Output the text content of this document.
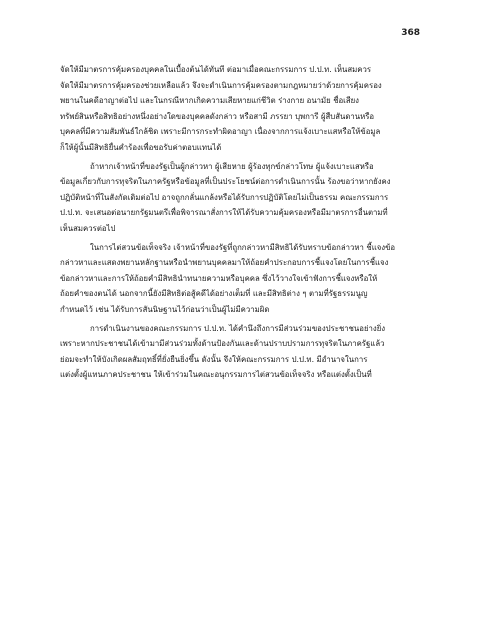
368
จัดให้มีมาตรการคุ้มครองบุคคลในเบื้องต้นได้ทันที ต่อมาเมื่อคณะกรรมการ ป.ป.ท. เห็นสมควร
จัดให้มีมาตรการคุ้มครองช่วยเหลือแล้ว จึงจะดำเนินการคุ้มครองตามกฎหมายว่าด้วยการคุ้มครอง
พยานในคดีอาญาต่อไป และในกรณีหากเกิดความเสียหายแก่ชีวิต ร่างกาย อนามัย ชื่อเสียง
ทรัพย์สินหรือสิทธิอย่างหนึ่งอย่างใดของบุคคลดังกล่าว หรือสามี ภรรยา บุพการี ผู้สืบสันดานหรือ
บุคคลที่มีความสัมพันธ์ใกล้ชิด เพราะมีการกระทำผิดอาญา เนื่องจากการแจ้งเบาะแสหรือให้ข้อมูล
ก็ให้ผู้นั้นมีสิทธิยื่นคำร้องเพื่อขอรับค่าตอบแทนได้
ถ้าหากเจ้าหน้าที่ของรัฐเป็นผู้กล่าวหา ผู้เสียหาย ผู้ร้องทุกข์กล่าวโทษ ผู้แจ้งเบาะแสหรือ
ข้อมูลเกี่ยวกับการทุจริตในภาครัฐหรือข้อมูลที่เป็นประโยชน์ต่อการดำเนินการนั้น ร้องขอว่าหากยังคง
ปฏิบัติหน้าที่ในสังกัดเดิมต่อไป อาจถูกกลั่นแกล้งหรือได้รับการปฏิบัติโดยไม่เป็นธรรม คณะกรรมการ
ป.ป.ท. จะเสนอต่อนายกรัฐมนตรีเพื่อพิจารณาสั่งการให้ได้รับความคุ้มครองหรือมีมาตรการอื่นตามที่
เห็นสมควรต่อไป
ในการไต่สวนข้อเท็จจริง เจ้าหน้าที่ของรัฐที่ถูกกล่าวหามีสิทธิได้รับทราบข้อกล่าวหา ชี้แจงข้อ
กล่าวหาและแสดงพยานหลักฐานหรือนำพยานบุคคลมาให้ถ้อยคำประกอบการชี้แจงโดยในการชี้แจง
ข้อกล่าวหาและการให้ถ้อยคำมีสิทธินำทนายความหรือบุคคล ซึ่งไว้วางใจเข้าฟังการชี้แจงหรือให้
ถ้อยคำของตนได้ นอกจากนี้ยังมีสิทธิต่อสู้คดีได้อย่างเต็มที่ และมีสิทธิต่าง ๆ ตามที่รัฐธรรมนูญ
กำหนดไว้ เช่น ได้รับการสันนิษฐานไว้ก่อนว่าเป็นผู้ไม่มีความผิด
การดำเนินงานของคณะกรรมการ ป.ป.ท. ได้คำนึงถึงการมีส่วนร่วมของประชาชนอย่างยิ่ง
เพราะหากประชาชนได้เข้ามามีส่วนร่วมทั้งด้านป้องกันและด้านปราบปรามการทุจริตในภาครัฐแล้ว
ย่อมจะทำให้บังเกิดผลสัมฤทธิ์ที่ยั่งยืนยิ่งขึ้น ดังนั้น จึงให้คณะกรรมการ ป.ป.ท. มีอำนาจในการ
แต่งตั้งผู้แทนภาคประชาชน ให้เข้าร่วมในคณะอนุกรรมการไต่สวนข้อเท็จจริง หรือแต่งตั้งเป็นที่
